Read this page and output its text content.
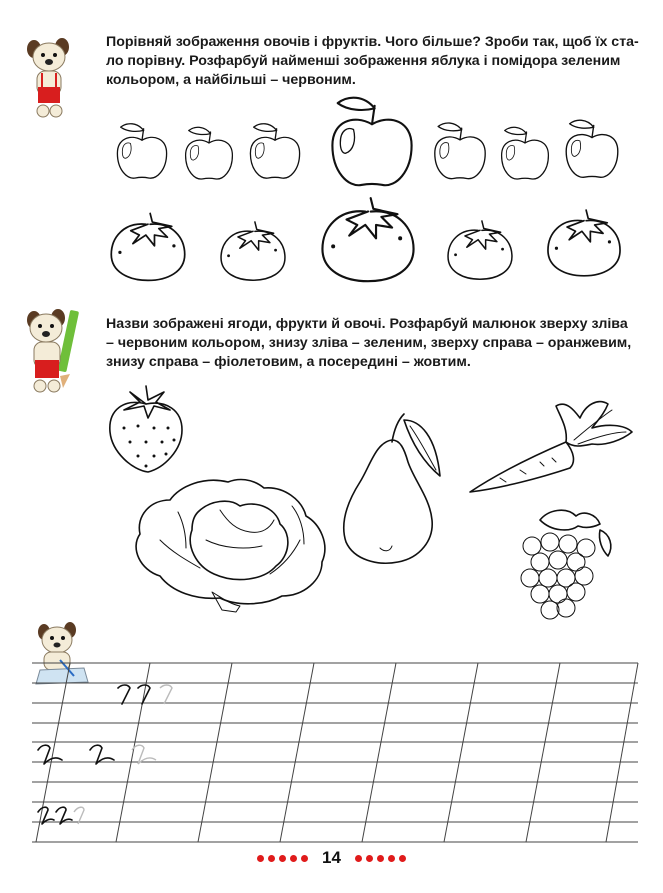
Порівняй зображення овочів і фруктів. Чого більше? Зроби так, щоб їх ста-
ло порівну. Розфарбуй найменші зображення яблука і помідора зеленим
кольором, а найбільші – червоним.
Назви зображені ягоди, фрукти й овочі. Розфарбуй малюнок зверху зліва
– червоним кольором, знизу зліва – зеленим, зверху справа – оранжевим,
знизу справа – фіолетовим, а посередині – жовтим.
14
